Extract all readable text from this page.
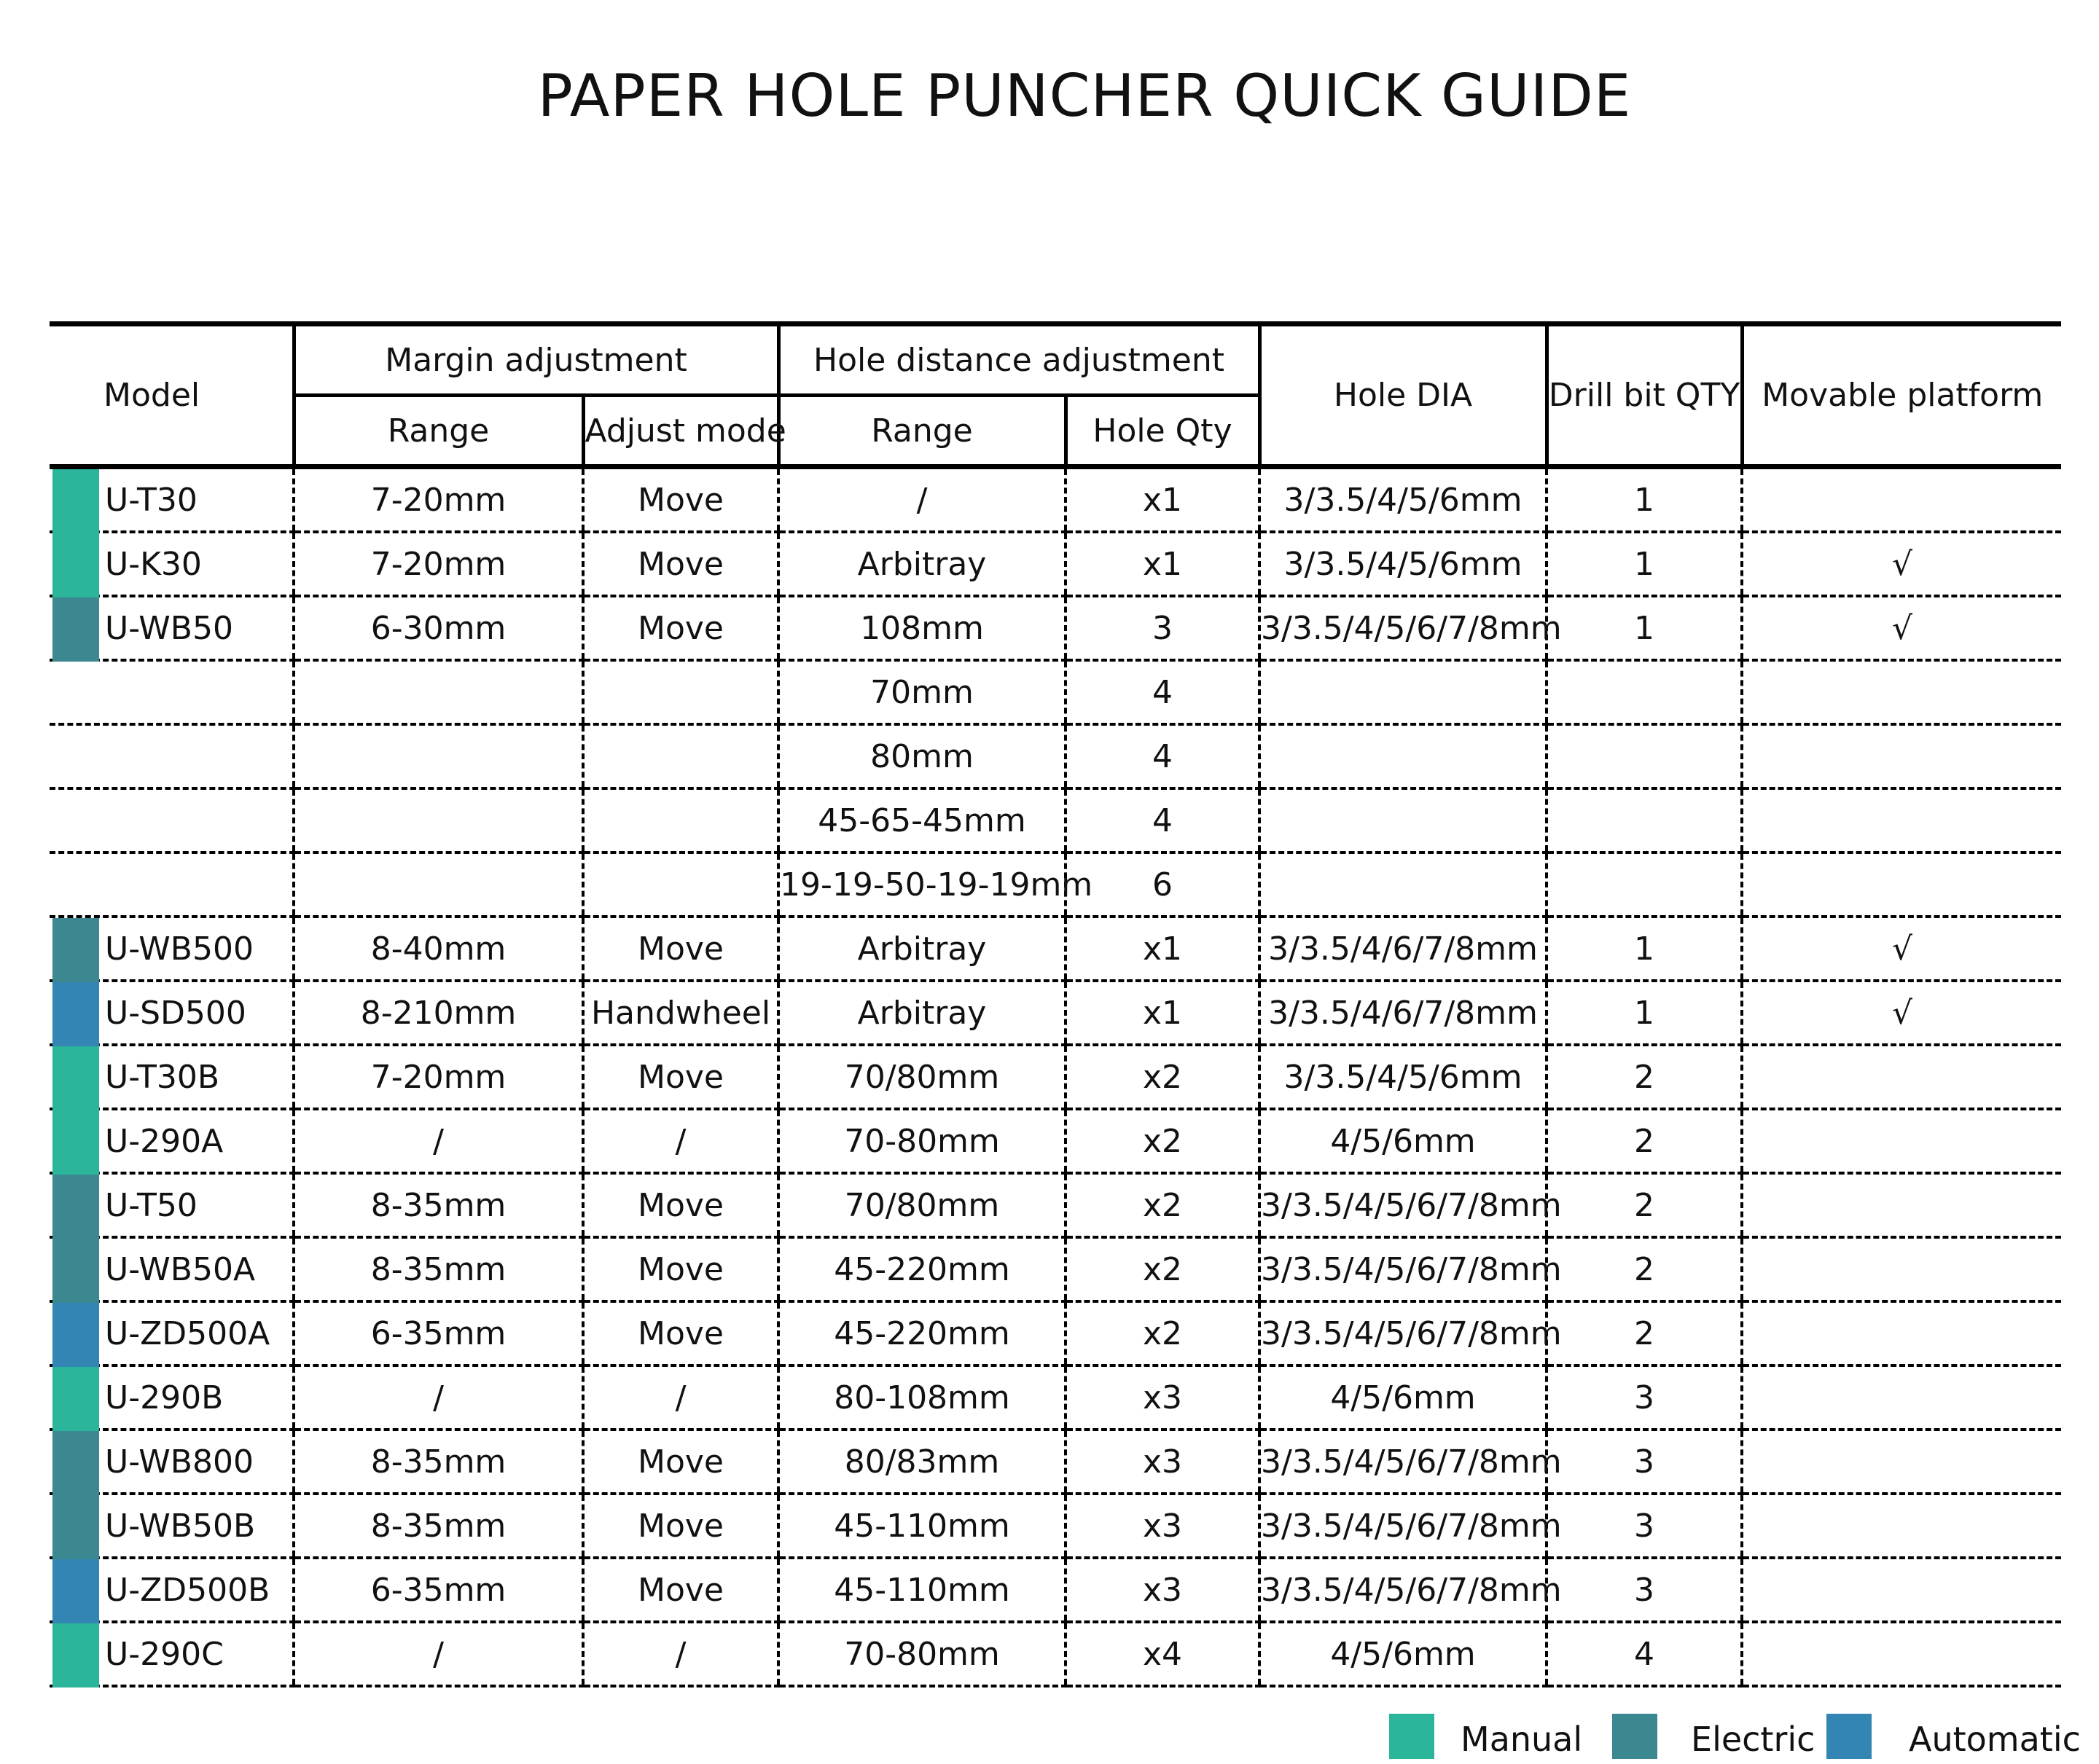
PAPER HOLE PUNCHER QUICK GUIDE
Model	Margin adjustment		Hole distance adjustment		Hole DIA	Drill bit QTY	Movable platform
	Range	Adjust mode	Range	Hole Qty			

U-T30	7-20mm	Move	/	x1	3/3.5/4/5/6mm	1	

U-K30	7-20mm	Move	Arbitray	x1	3/3.5/4/5/6mm	1	√

U-WB50	6-30mm	Move	108mm	3	3/3.5/4/5/6/7/8mm	1	√
			70mm	4			
			80mm	4			
			45-65-45mm	4			
			19-19-50-19-19mm	6			

U-WB500	8-40mm	Move	Arbitray	x1	3/3.5/4/6/7/8mm	1	√

U-SD500	8-210mm	Handwheel	Arbitray	x1	3/3.5/4/6/7/8mm	1	√

U-T30B	7-20mm	Move	70/80mm	x2	3/3.5/4/5/6mm	2	

U-290A	/	/	70-80mm	x2	4/5/6mm	2	

U-T50	8-35mm	Move	70/80mm	x2	3/3.5/4/5/6/7/8mm	2	

U-WB50A	8-35mm	Move	45-220mm	x2	3/3.5/4/5/6/7/8mm	2	

U-ZD500A	6-35mm	Move	45-220mm	x2	3/3.5/4/5/6/7/8mm	2	

U-290B	/	/	80-108mm	x3	4/5/6mm	3	

U-WB800	8-35mm	Move	80/83mm	x3	3/3.5/4/5/6/7/8mm	3	

U-WB50B	8-35mm	Move	45-110mm	x3	3/3.5/4/5/6/7/8mm	3	

U-ZD500B	6-35mm	Move	45-110mm	x3	3/3.5/4/5/6/7/8mm	3	

U-290C	/	/	70-80mm	x4	4/5/6mm	4	
Manual	Electric	Automatic
